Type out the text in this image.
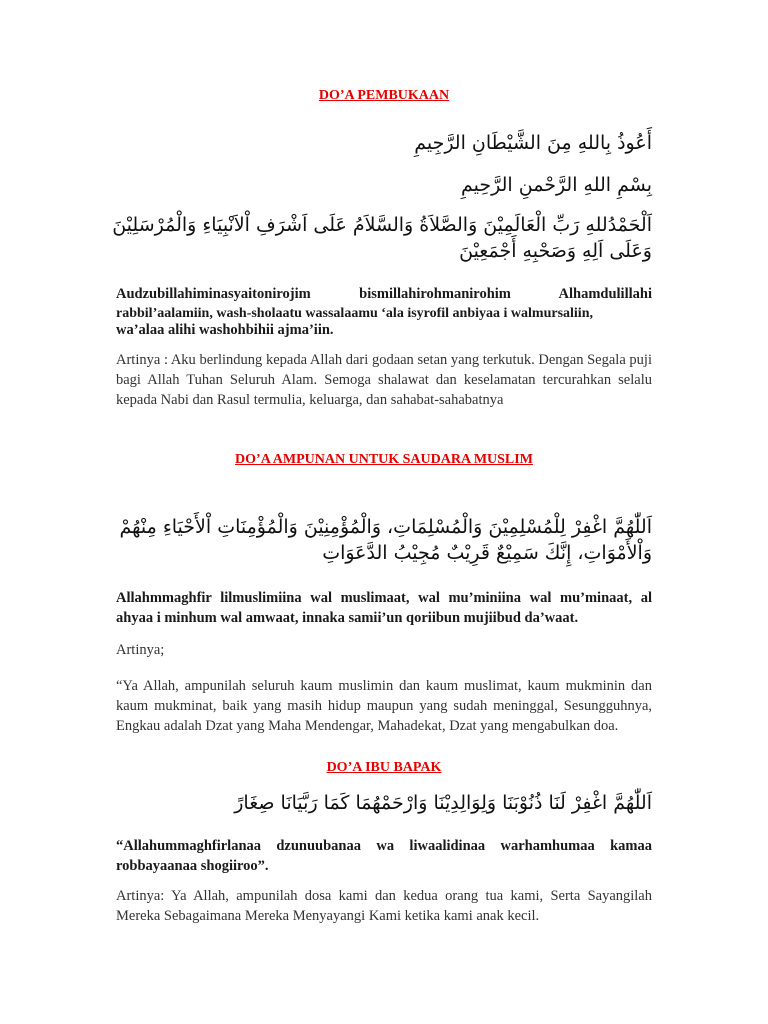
DO’A PEMBUKAAN
أَعُوذُ بِاللهِ مِنَ الشَّيْطَانِ الرَّجِيمِ
بِسْمِ اللهِ الرَّحْمنِ الرَّحِيمِ
اَلْحَمْدُللهِ رَبِّ الْعَالَمِيْنَ وَالصَّلاَةُ وَالسَّلاَمُ عَلَى اَشْرَفِ اْلاَنْبِيَاءِ وَالْمُرْسَلِيْنَ
وَعَلَى اَلِهِ وَصَحْبِهِ أَجْمَعِيْنَ
Audzubillahiminasyaitonirojim bismillahirohmanirohim Alhamdulillahi
rabbil’aalamiin, wash-sholaatu wassalaamu ‘ala isyrofil anbiyaa i walmursaliin,
wa’alaa alihi washohbihii ajma’iin.
Artinya : Aku berlindung kepada Allah dari godaan setan yang terkutuk. Dengan Segala puji bagi Allah Tuhan Seluruh Alam. Semoga shalawat dan keselamatan tercurahkan selalu kepada Nabi dan Rasul termulia, keluarga, dan sahabat-sahabatnya
DO’A AMPUNAN UNTUK SAUDARA MUSLIM
اَللّٰهُمَّ اغْفِرْ لِلْمُسْلِمِيْنَ وَالْمُسْلِمَاتِ، وَالْمُؤْمِنِيْنَ وَالْمُؤْمِنَاتِ اْلأَحْيَاءِ مِنْهُمْ
وَاْلأَمْوَاتِ، إِنَّكَ سَمِيْعٌ قَرِيْبٌ مُجِيْبُ الدَّعَوَاتِ
Allahmmaghfir lilmuslimiina wal muslimaat, wal mu’miniina wal mu’minaat, al ahyaa i minhum wal amwaat, innaka samii’un qoriibun mujiibud da’waat.
Artinya;
“Ya Allah, ampunilah seluruh kaum muslimin dan kaum muslimat, kaum mukminin dan kaum mukminat, baik yang masih hidup maupun yang sudah meninggal, Sesungguhnya, Engkau adalah Dzat yang Maha Mendengar, Mahadekat, Dzat yang mengabulkan doa.
DO’A IBU BAPAK
اَللّٰهُمَّ اغْفِرْ لَنَا ذُنُوْبَنَا وَلِوَالِدِيْنَا وَارْحَمْهُمَا كَمَا رَبَّيَانَا صِغَارً
“Allahummaghfirlanaa dzunuubanaa wa liwaalidinaa warhamhumaa kamaa robbayaanaa shogiiroo”.
Artinya: Ya Allah, ampunilah dosa kami dan kedua orang tua kami, Serta Sayangilah Mereka Sebagaimana Mereka Menyayangi Kami ketika kami anak kecil.
